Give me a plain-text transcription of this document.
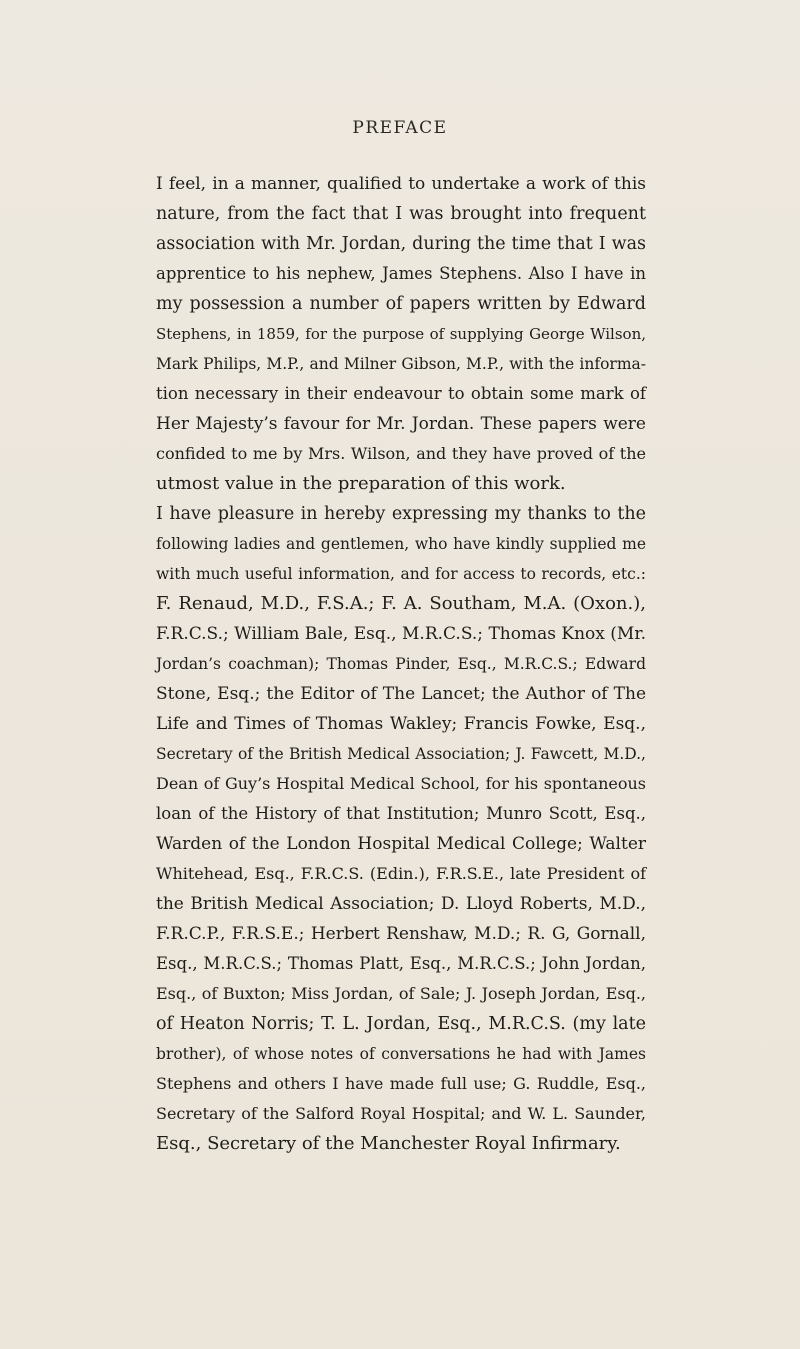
PREFACE
I feel, in a manner, qualified to undertake a work of this
nature, from the fact that I was brought into frequent
association with Mr. Jordan, during the time that I was
apprentice to his nephew, James Stephens. Also I have in
my possession a number of papers written by Edward
Stephens, in 1859, for the purpose of supplying George Wilson,
Mark Philips, M.P., and Milner Gibson, M.P., with the informa-
tion necessary in their endeavour to obtain some mark of
Her Majesty’s favour for Mr. Jordan. These papers were
confided to me by Mrs. Wilson, and they have proved of the
utmost value in the preparation of this work.
I have pleasure in hereby expressing my thanks to the
following ladies and gentlemen, who have kindly supplied me
with much useful information, and for access to records, etc.:
F. Renaud, M.D., F.S.A.; F. A. Southam, M.A. (Oxon.),
F.R.C.S.; William Bale, Esq., M.R.C.S.; Thomas Knox (Mr.
Jordan’s coachman); Thomas Pinder, Esq., M.R.C.S.; Edward
Stone, Esq.; the Editor of The Lancet; the Author of The
Life and Times of Thomas Wakley; Francis Fowke, Esq.,
Secretary of the British Medical Association; J. Fawcett, M.D.,
Dean of Guy’s Hospital Medical School, for his spontaneous
loan of the History of that Institution; Munro Scott, Esq.,
Warden of the London Hospital Medical College; Walter
Whitehead, Esq., F.R.C.S. (Edin.), F.R.S.E., late President of
the British Medical Association; D. Lloyd Roberts, M.D.,
F.R.C.P., F.R.S.E.; Herbert Renshaw, M.D.; R. G, Gornall,
Esq., M.R.C.S.; Thomas Platt, Esq., M.R.C.S.; John Jordan,
Esq., of Buxton; Miss Jordan, of Sale; J. Joseph Jordan, Esq.,
of Heaton Norris; T. L. Jordan, Esq., M.R.C.S. (my late
brother), of whose notes of conversations he had with James
Stephens and others I have made full use; G. Ruddle, Esq.,
Secretary of the Salford Royal Hospital; and W. L. Saunder,
Esq., Secretary of the Manchester Royal Infirmary.
